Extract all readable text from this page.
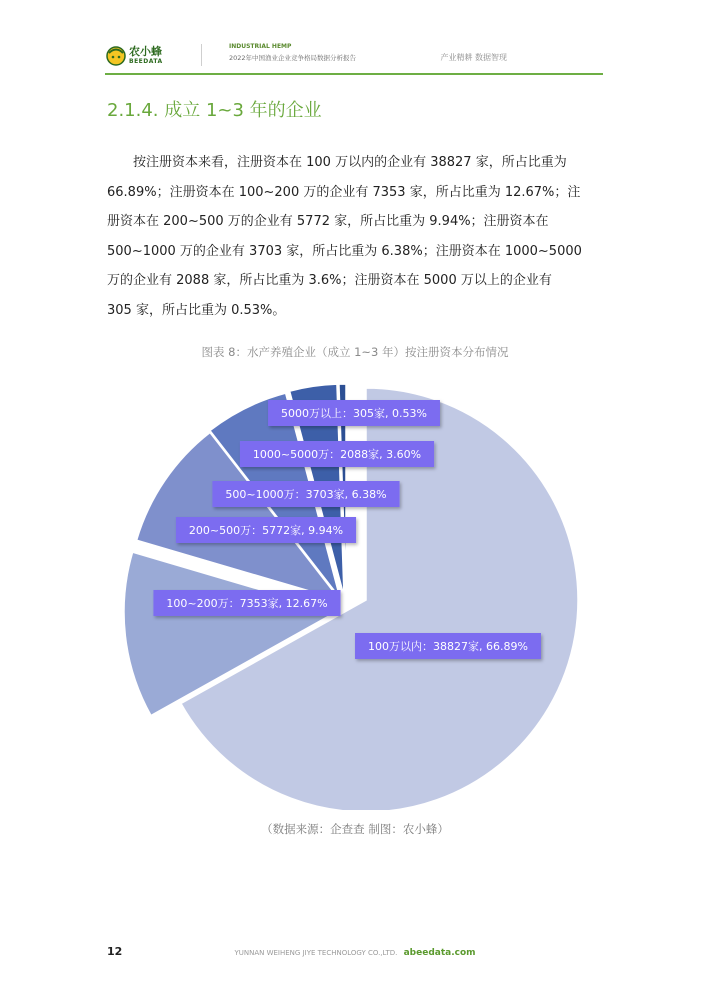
农小蜂
BEEDATA
INDUSTRIAL HEMP
2022年中国渔业企业竞争格局数据分析报告	产业精耕 数据智现
2.1.4. 成立 1~3 年的企业
按注册资本来看，注册资本在 100 万以内的企业有 38827 家，所占比重为
66.89%；注册资本在 100~200 万的企业有 7353 家，所占比重为 12.67%；注
册资本在 200~500 万的企业有 5772 家，所占比重为 9.94%；注册资本在
500~1000 万的企业有 3703 家，所占比重为 6.38%；注册资本在 1000~5000
万的企业有 2088 家，所占比重为 3.6%；注册资本在 5000 万以上的企业有
305 家，所占比重为 0.53%。
图表 8：水产养殖企业（成立 1~3 年）按注册资本分布情况
100万以内：38827家, 66.89%
100~200万：7353家, 12.67%
200~500万：5772家, 9.94%
500~1000万：3703家, 6.38%
1000~5000万：2088家, 3.60%
5000万以上：305家, 0.53%
（数据来源：企查查 制图：农小蜂）
12	YUNNAN WEIHENG JIYE TECHNOLOGY CO.,LTD. abeedata.com
